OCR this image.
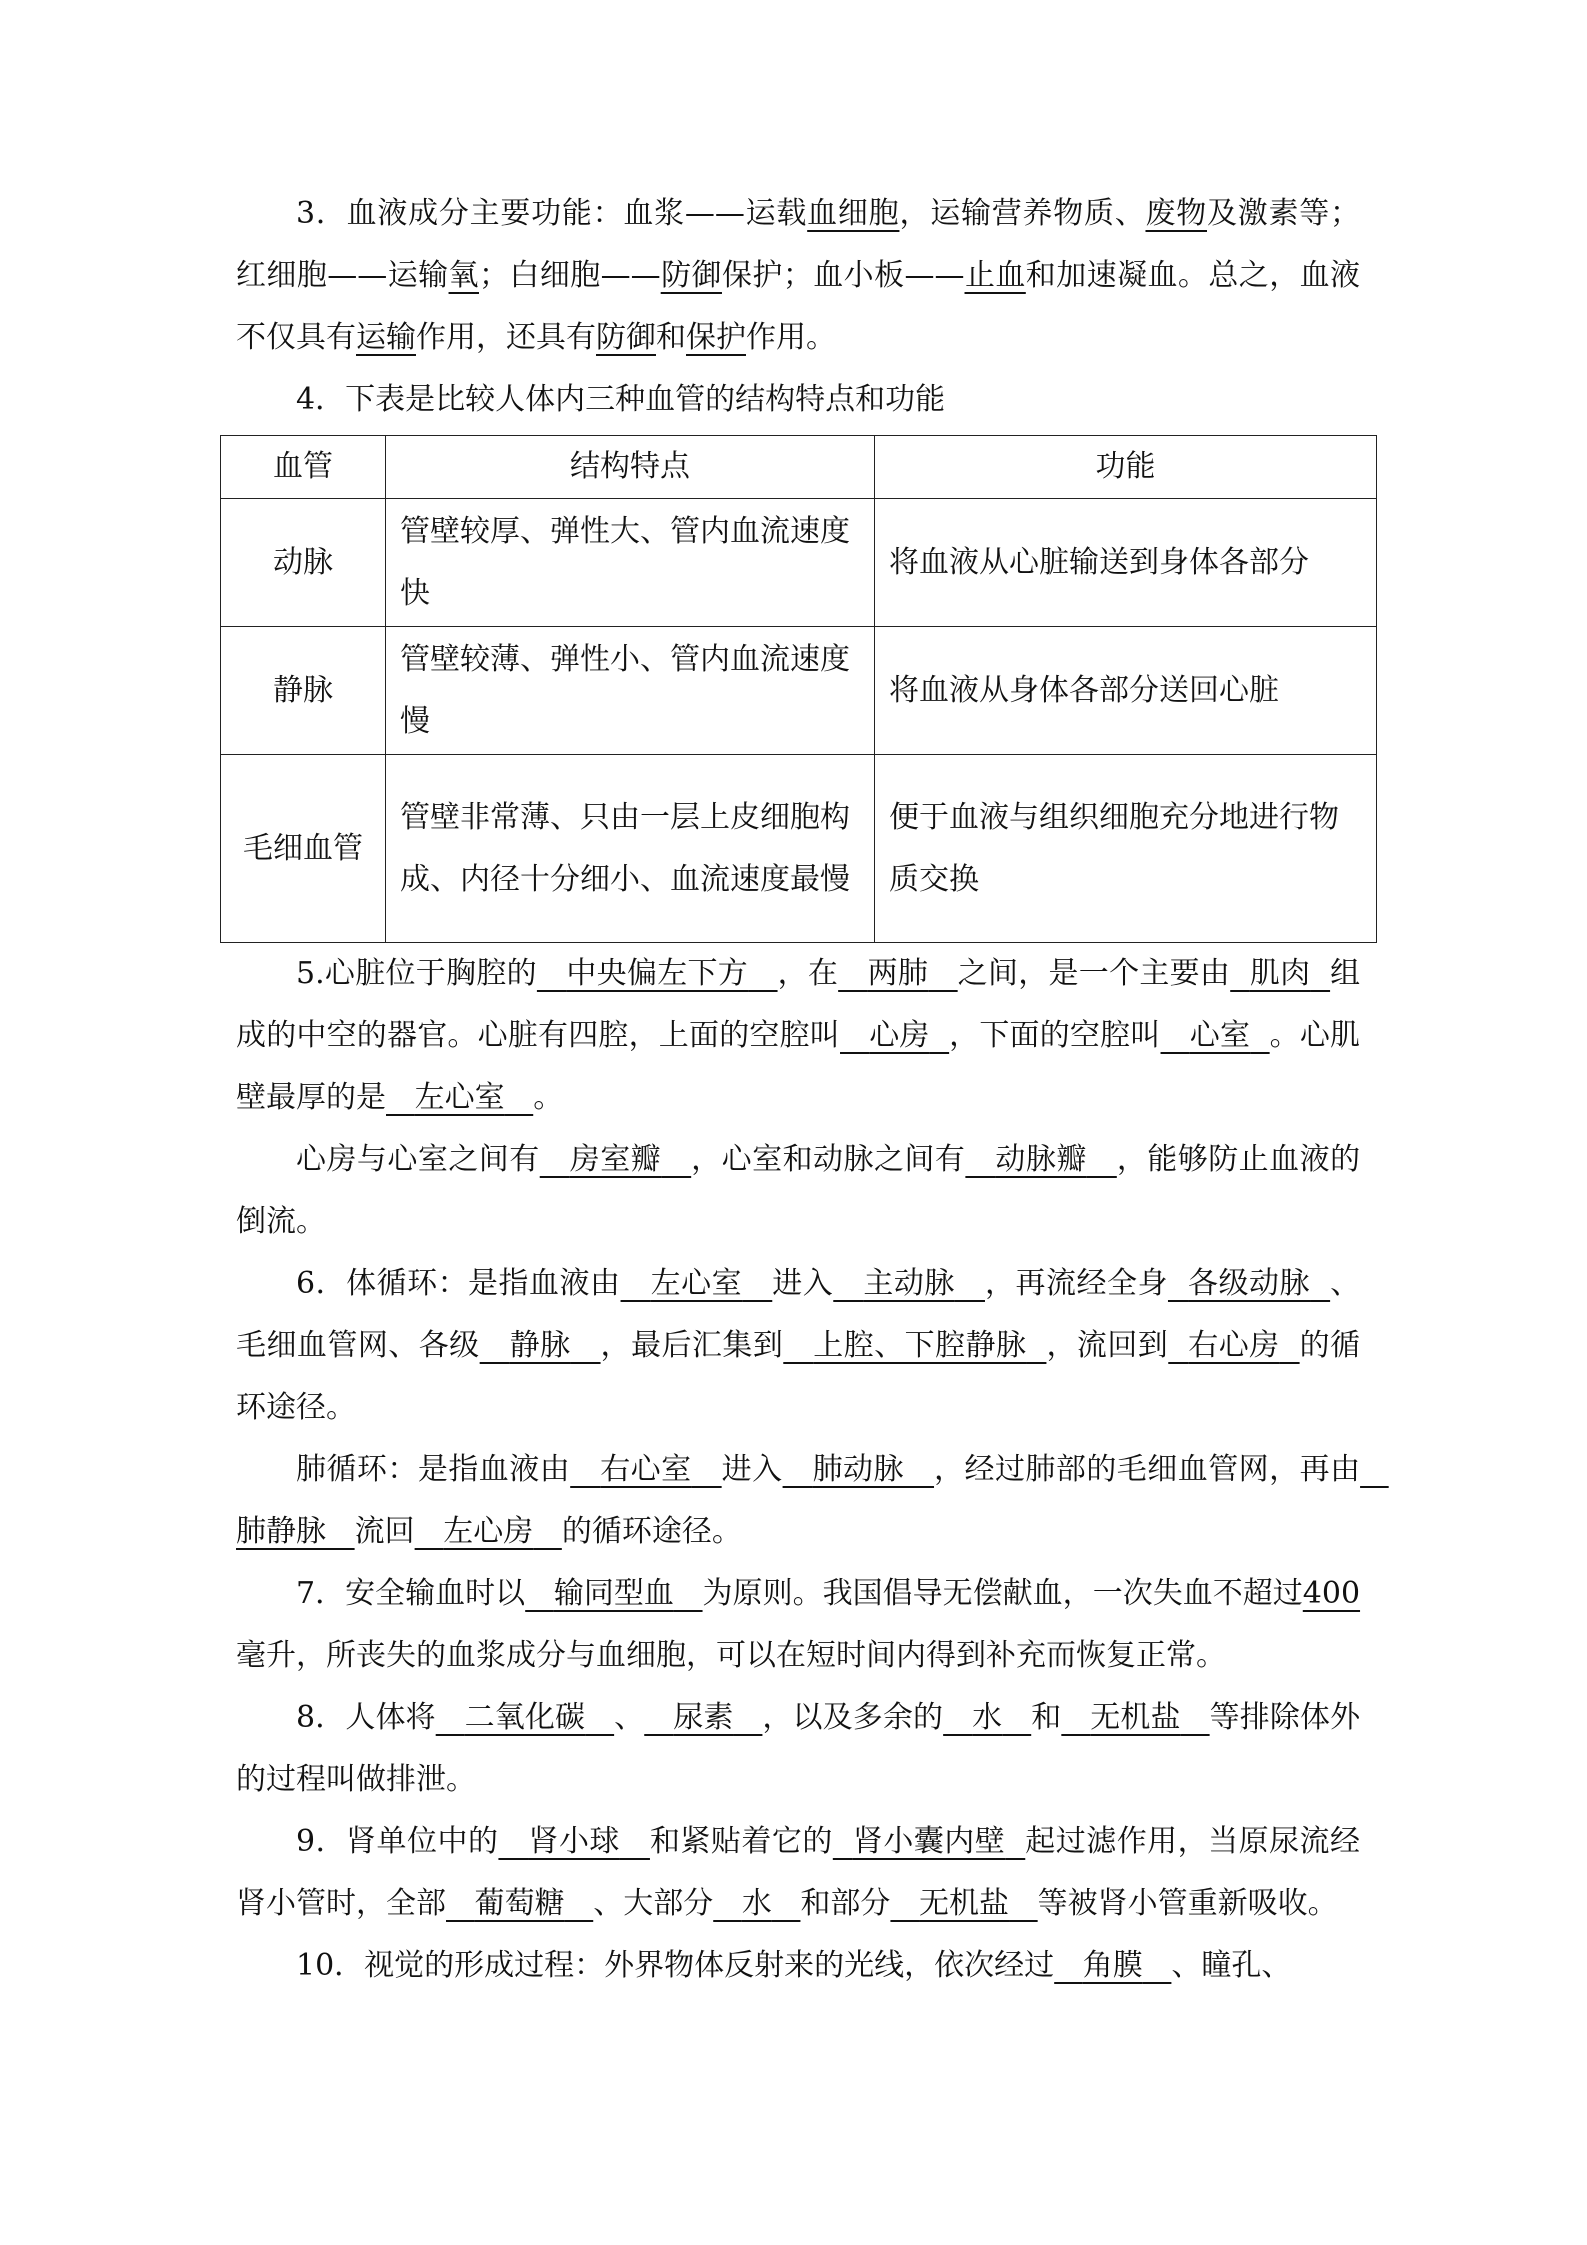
3．血液成分主要功能：血浆——运载血细胞，运输营养物质、废物及激素等；红细胞——运输氧；白细胞——防御保护；血小板——止血和加速凝血。总之，血液不仅具有运输作用，还具有防御和保护作用。

4．下表是比较人体内三种血管的结构特点和功能

血管	结构特点	功能
动脉	管壁较厚、弹性大、管内血流速度快	将血液从心脏输送到身体各部分
静脉	管壁较薄、弹性小、管内血流速度慢	将血液从身体各部分送回心脏
毛细血管	管壁非常薄、只由一层上皮细胞构成、内径十分细小、血流速度最慢	便于血液与组织细胞充分地进行物质交换

5.心脏位于胸腔的 中央偏左下方 ，在 两肺 之间，是一个主要由 肌肉 组成的中空的器官。心脏有四腔，上面的空腔叫 心房 ，下面的空腔叫 心室 。心肌壁最厚的是 左心室 。

心房与心室之间有 房室瓣 ，心室和动脉之间有 动脉瓣 ，能够防止血液的倒流。

6．体循环：是指血液由 左心室 进入 主动脉 ，再流经全身 各级动脉 、毛细血管网、各级 静脉 ，最后汇集到 上腔、下腔静脉 ，流回到 右心房 的循环途径。

肺循环：是指血液由 右心室 进入 肺动脉 ，经过肺部的毛细血管网，再由   肺静脉 流回 左心房 的循环途径。

7．安全输血时以 输同型血 为原则。我国倡导无偿献血，一次失血不超过400毫升，所丧失的血浆成分与血细胞，可以在短时间内得到补充而恢复正常。

8．人体将 二氧化碳 、 尿素 ，以及多余的 水 和 无机盐 等排除体外的过程叫做排泄。

9．肾单位中的 肾小球 和紧贴着它的 肾小囊内壁 起过滤作用，当原尿流经肾小管时，全部 葡萄糖 、大部分 水 和部分 无机盐 等被肾小管重新吸收。

10．视觉的形成过程：外界物体反射来的光线，依次经过 角膜 、瞳孔、
